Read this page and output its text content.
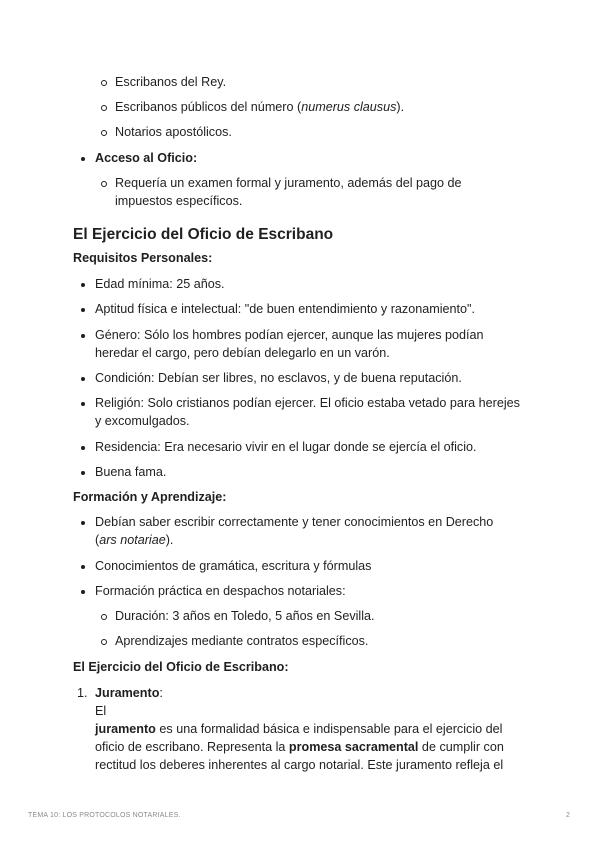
Escribanos del Rey.
Escribanos públicos del número (numerus clausus).
Notarios apostólicos.
Acceso al Oficio:
Requería un examen formal y juramento, además del pago de
impuestos específicos.
El Ejercicio del Oficio de Escribano
Requisitos Personales:
Edad mínima: 25 años.
Aptitud física e intelectual: "de buen entendimiento y razonamiento".
Género: Sólo los hombres podían ejercer, aunque las mujeres podían
heredar el cargo, pero debían delegarlo en un varón.
Condición: Debían ser libres, no esclavos, y de buena reputación.
Religión: Solo cristianos podían ejercer. El oficio estaba vetado para herejes
y excomulgados.
Residencia: Era necesario vivir en el lugar donde se ejercía el oficio.
Buena fama.
Formación y Aprendizaje:
Debían saber escribir correctamente y tener conocimientos en Derecho
(ars notariae).
Conocimientos de gramática, escritura y fórmulas
Formación práctica en despachos notariales:
Duración: 3 años en Toledo, 5 años en Sevilla.
Aprendizajes mediante contratos específicos.
El Ejercicio del Oficio de Escribano:
1. Juramento:
El
juramento es una formalidad básica e indispensable para el ejercicio del
oficio de escribano. Representa la promesa sacramental de cumplir con
rectitud los deberes inherentes al cargo notarial. Este juramento refleja el
TEMA 10: LOS PROTOCOLOS NOTARIALES.	2
